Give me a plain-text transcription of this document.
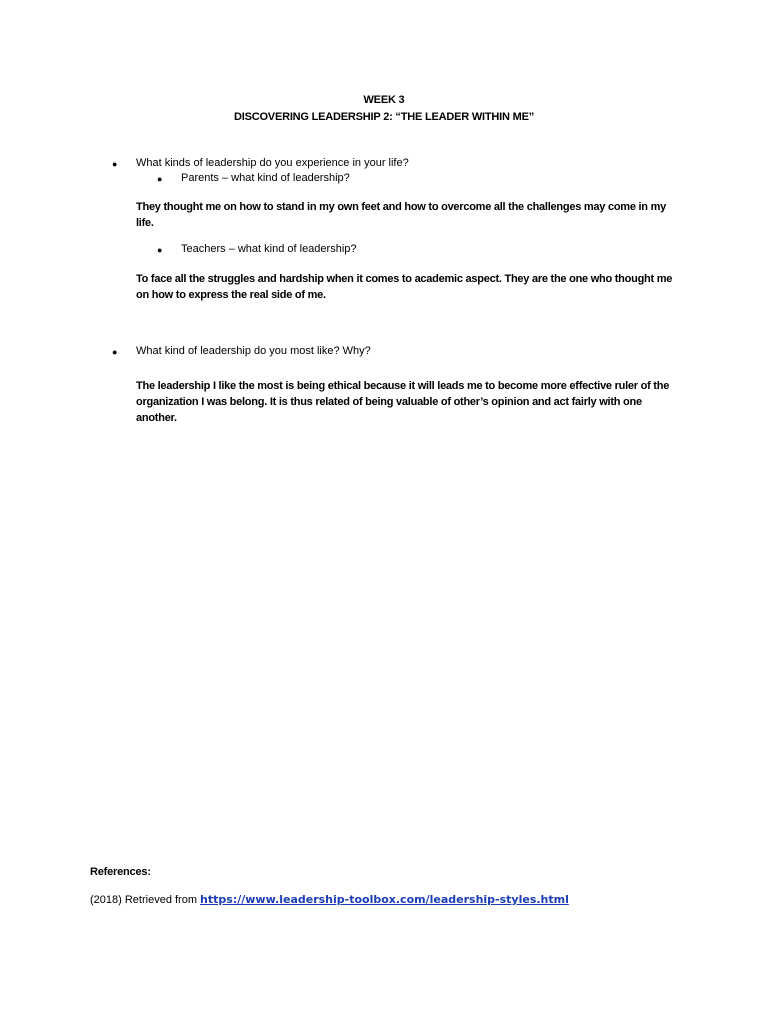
WEEK 3
DISCOVERING LEADERSHIP 2: “THE LEADER WITHIN ME”
● What kinds of leadership do you experience in your life?
● Parents – what kind of leadership?
They thought me on how to stand in my own feet and how to overcome all the challenges may come in my life.
● Teachers – what kind of leadership?
To face all the struggles and hardship when it comes to academic aspect. They are the one who thought me on how to express the real side of me.
● What kind of leadership do you most like? Why?
The leadership I like the most is being ethical because it will leads me to become more effective ruler of the organization I was belong. It is thus related of being valuable of other’s opinion and act fairly with one another.
References:
(2018) Retrieved from https://www.leadership-toolbox.com/leadership-styles.html
